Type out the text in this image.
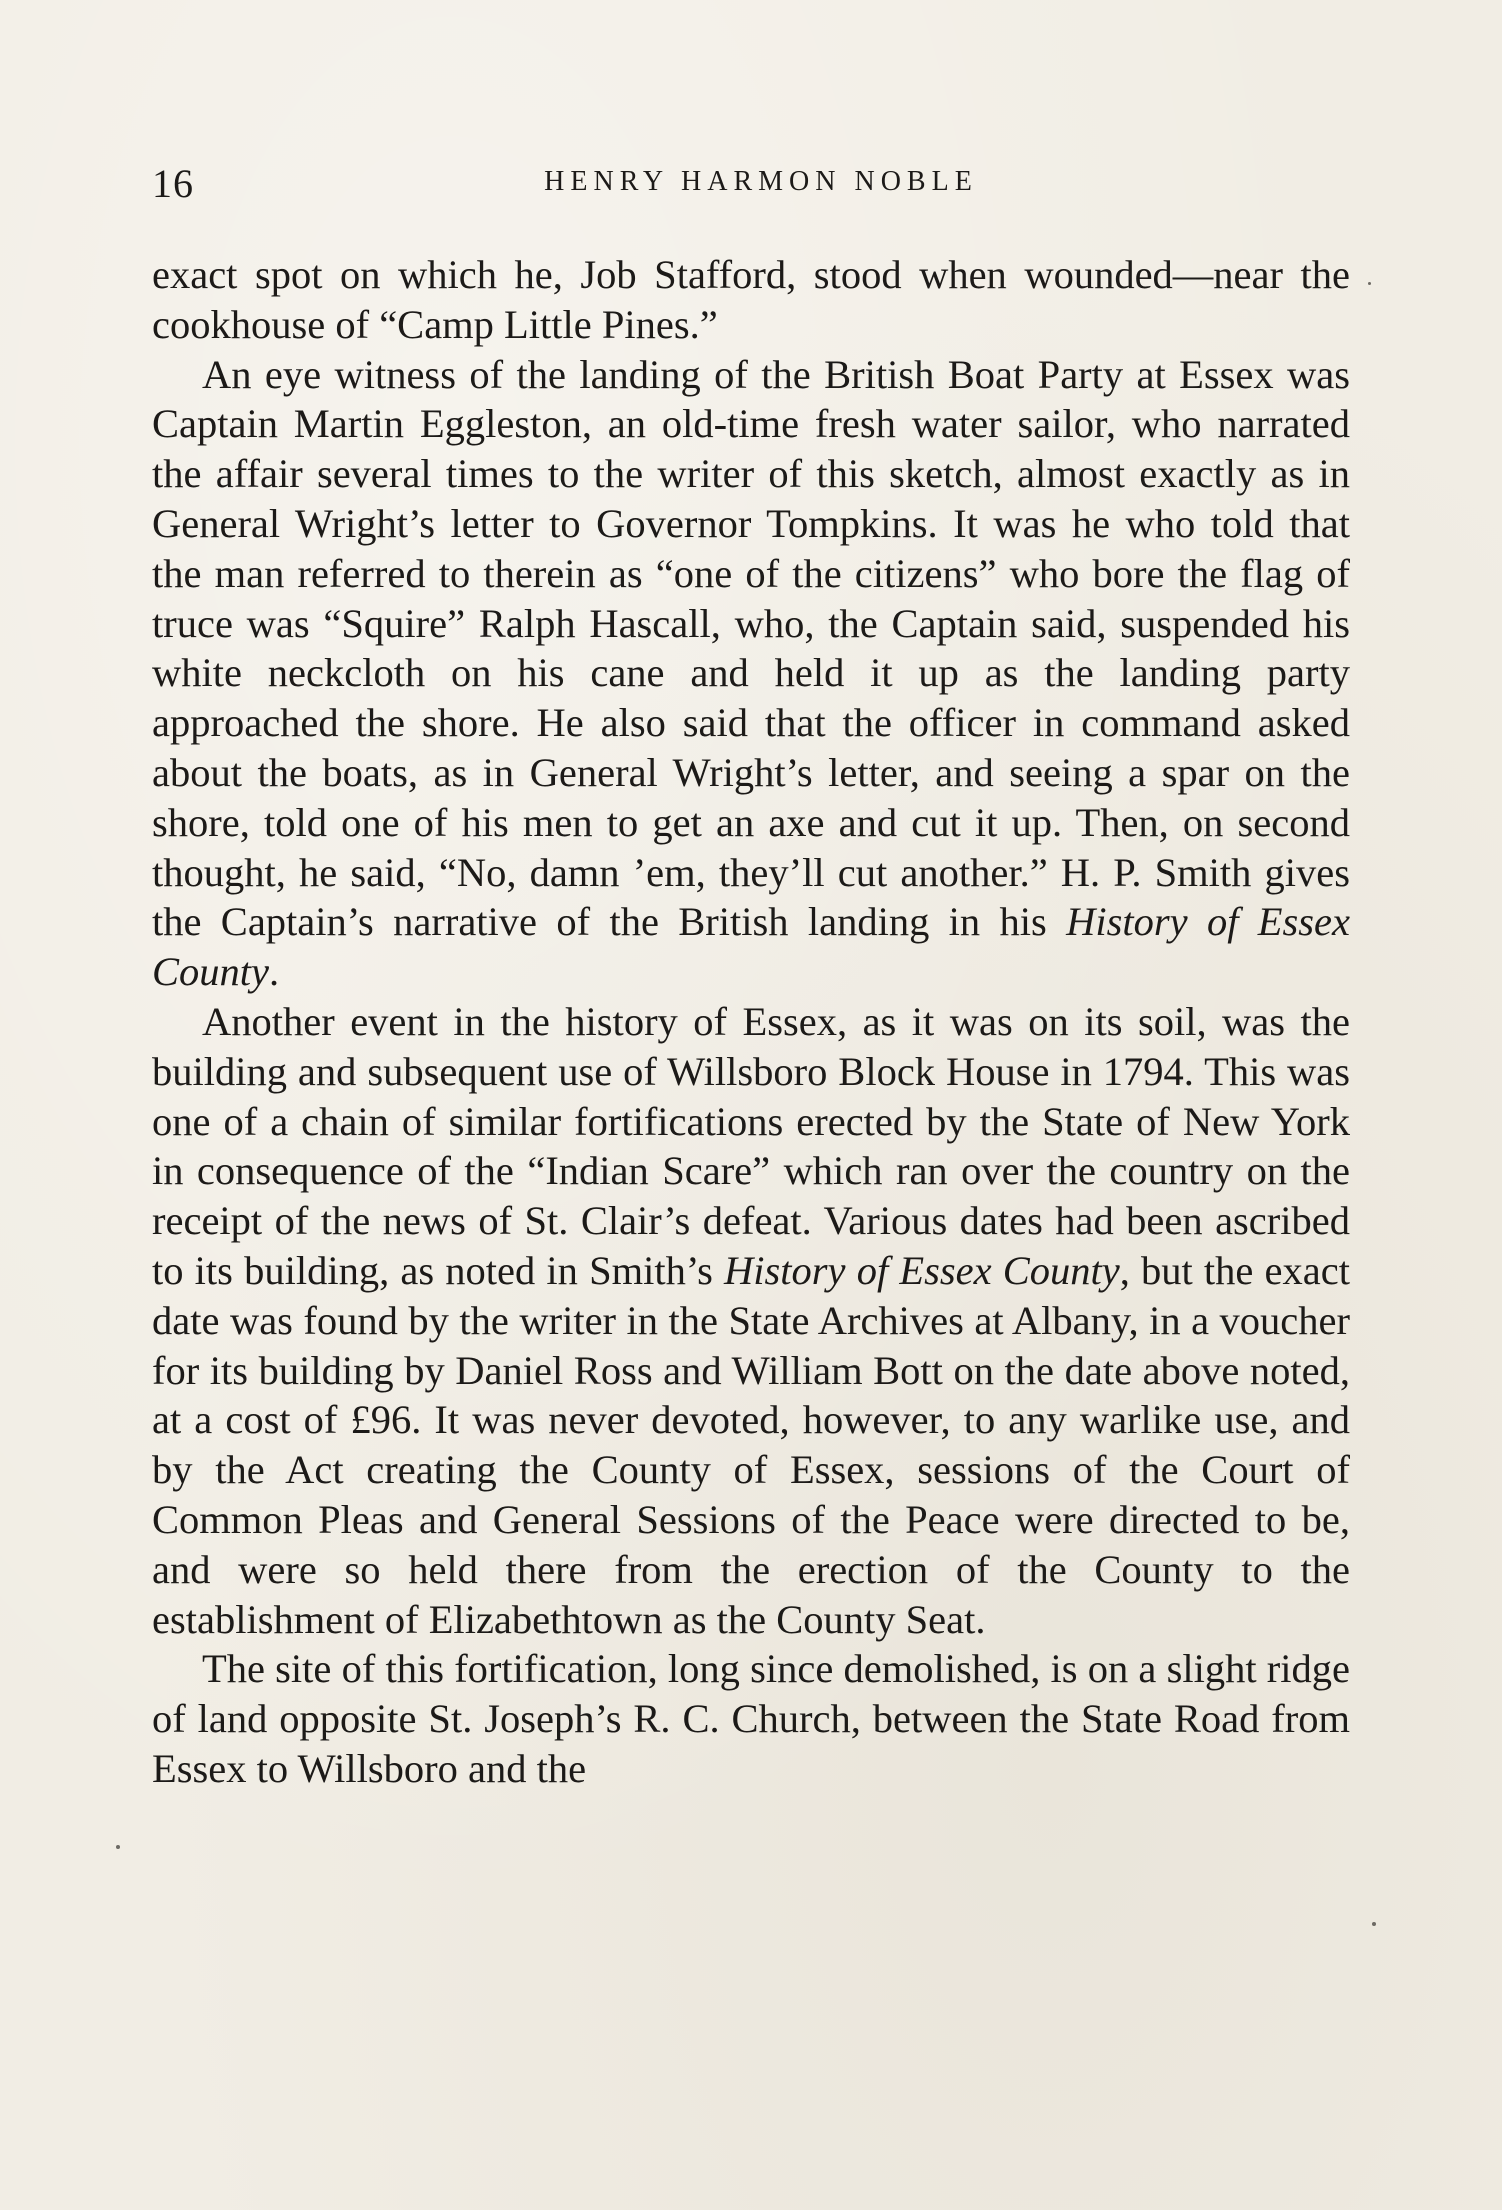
16	HENRY HARMON NOBLE

exact spot on which he, Job Stafford, stood when wounded—near the cookhouse of “Camp Little Pines.”

An eye witness of the landing of the British Boat Party at Essex was Captain Martin Eggleston, an old-time fresh water sailor, who narrated the affair several times to the writer of this sketch, almost exactly as in General Wright’s letter to Governor Tompkins. It was he who told that the man referred to therein as “one of the citizens” who bore the flag of truce was “Squire” Ralph Hascall, who, the Captain said, suspended his white neckcloth on his cane and held it up as the landing party approached the shore. He also said that the officer in command asked about the boats, as in General Wright’s letter, and seeing a spar on the shore, told one of his men to get an axe and cut it up. Then, on second thought, he said, “No, damn ’em, they’ll cut another.” H. P. Smith gives the Captain’s narrative of the British landing in his History of Essex County.

Another event in the history of Essex, as it was on its soil, was the building and subsequent use of Willsboro Block House in 1794. This was one of a chain of similar fortifications erected by the State of New York in consequence of the “Indian Scare” which ran over the country on the receipt of the news of St. Clair’s defeat. Various dates had been ascribed to its building, as noted in Smith’s History of Essex County, but the exact date was found by the writer in the State Archives at Albany, in a voucher for its building by Daniel Ross and William Bott on the date above noted, at a cost of £96. It was never devoted, however, to any warlike use, and by the Act creating the County of Essex, sessions of the Court of Common Pleas and General Sessions of the Peace were directed to be, and were so held there from the erection of the County to the establishment of Elizabethtown as the County Seat.

The site of this fortification, long since demolished, is on a slight ridge of land opposite St. Joseph’s R. C. Church, between the State Road from Essex to Willsboro and the
